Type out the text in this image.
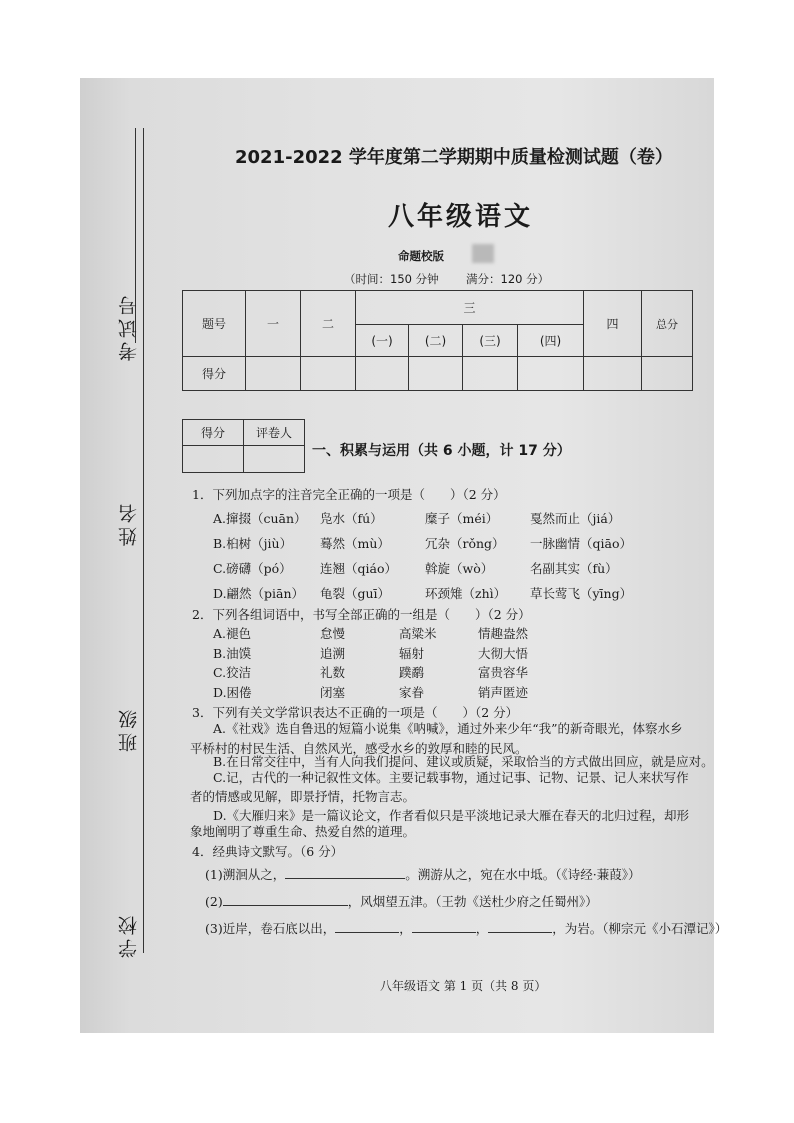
考试号
姓名
班级
学校
2021-2022 学年度第二学期期中质量检测试题（卷）
八年级语文
命题校版
（时间：150 分钟 满分：120 分）
题号	一	二	三				四	总分
			(一)	(二)	(三)	(四)		
得分								
得分	评卷人

一、积累与运用（共 6 小题，计 17 分）
1．下列加点字的注音完全正确的一项是（　　）（2 分）
A.撺掇（cuān） 凫水（fú）	糜子（méi）	戛然而止（jiá）
B.桕树（jiù） 蓦然（mù）	冗杂（rǒng） 一脉幽情（qiāo）
C.磅礴（pó） 连翘（qiáo） 斡旋（wò）	名副其实（fù）
D.翩然（piān） 龟裂（guī）	环颈雉（zhì） 草长莺飞（yīng）
2．下列各组词语中，书写全部正确的一组是（　　）（2 分）
A.褪色	怠慢	高粱米	情趣盎然
B.油馍	追溯	辐射	大彻大悟
C.狡洁	礼数	蹼鹬	富贵容华
D.困倦	闭塞	家眷	销声匿迹
3．下列有关文学常识表达不正确的一项是（　　）（2 分）
A.《社戏》选自鲁迅的短篇小说集《呐喊》，通过外来少年“我”的新奇眼光，体察水乡
平桥村的村民生活、自然风光，感受水乡的敦厚和睦的民风。
B.在日常交往中，当有人向我们提问、建议或质疑，采取恰当的方式做出回应，就是应对。
C.记，古代的一种记叙性文体。主要记载事物，通过记事、记物、记景、记人来状写作
者的情感或见解，即景抒情，托物言志。
D.《大雁归来》是一篇议论文，作者看似只是平淡地记录大雁在春天的北归过程，却形
象地阐明了尊重生命、热爱自然的道理。
4．经典诗文默写。（6 分）
(1)溯洄从之，	。溯游从之，宛在水中坻。（《诗经·蒹葭》）
(2)	，风烟望五津。（王勃《送杜少府之任蜀州》）
(3)近岸，卷石底以出，	，	，	，为岩。（柳宗元《小石潭记》）
八年级语文 第 1 页（共 8 页）
